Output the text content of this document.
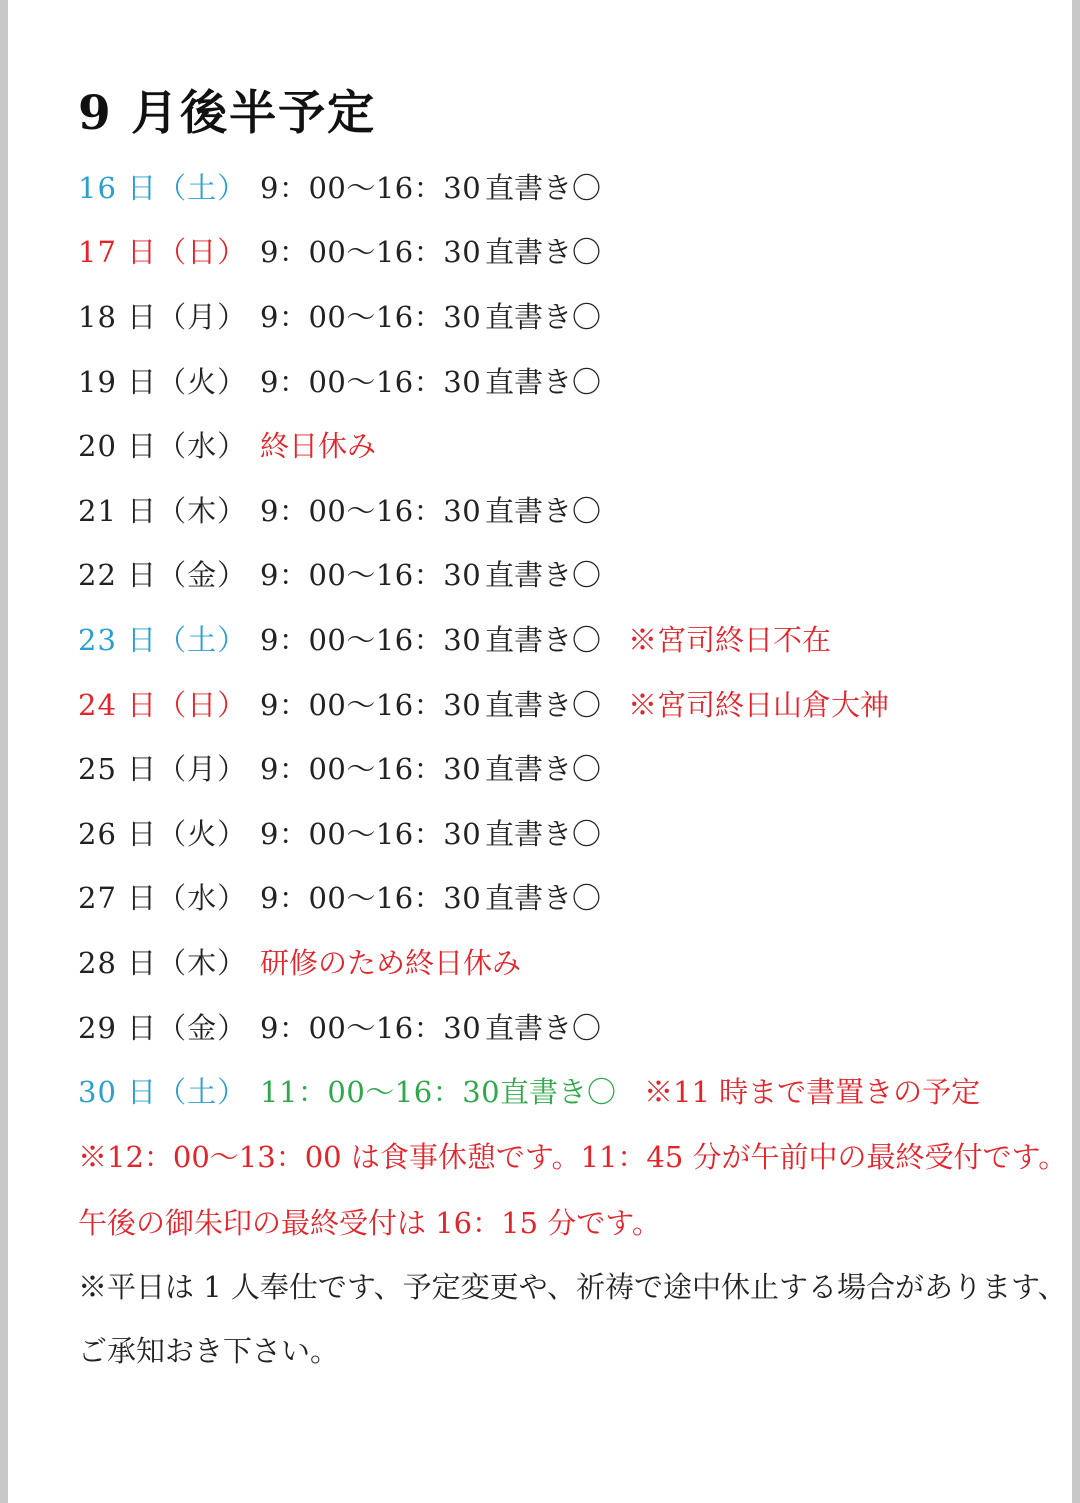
9 月後半予定
16 日（土） 9：00〜16：30 直書き〇
17 日（日） 9：00〜16：30 直書き〇
18 日（月） 9：00〜16：30 直書き〇
19 日（火） 9：00〜16：30 直書き〇
20 日（水） 終日休み
21 日（木） 9：00〜16：30 直書き〇
22 日（金） 9：00〜16：30 直書き〇
23 日（土） 9：00〜16：30 直書き〇 ※宮司終日不在
24 日（日） 9：00〜16：30 直書き〇 ※宮司終日山倉大神
25 日（月） 9：00〜16：30 直書き〇
26 日（火） 9：00〜16：30 直書き〇
27 日（水） 9：00〜16：30 直書き〇
28 日（木） 研修のため終日休み
29 日（金） 9：00〜16：30 直書き〇
30 日（土） 11：00〜16：30 直書き〇 ※11 時まで書置きの予定
※12：00〜13：00 は食事休憩です。11：45 分が午前中の最終受付です。
午後の御朱印の最終受付は 16：15 分です。
※平日は 1 人奉仕です、予定変更や、祈祷で途中休止する場合があります、
ご承知おき下さい。
